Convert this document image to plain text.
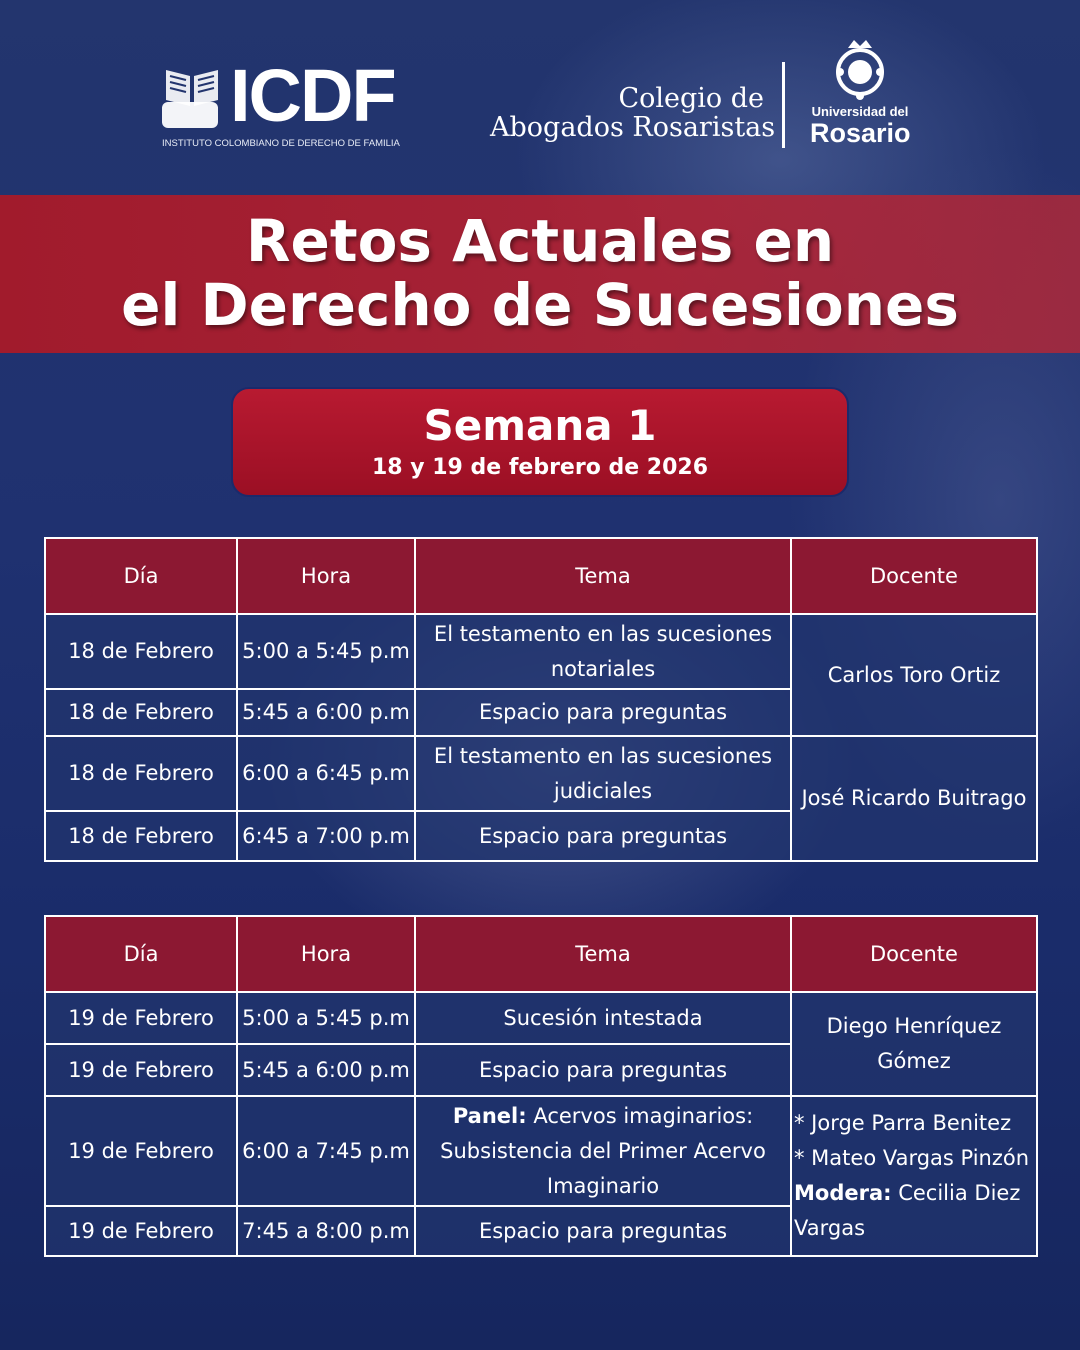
ICDF
INSTITUTO COLOMBIANO DE DERECHO DE FAMILIA
Colegio de
Abogados Rosaristas
Universidad del
Rosario
Retos Actuales en
el Derecho de Sucesiones
Semana 1
18 y 19 de febrero de 2026
Día	Hora	Tema	Docente
18 de Febrero	5:00 a 5:45 p.m	El testamento en las sucesiones notariales	Carlos Toro Ortiz
18 de Febrero	5:45 a 6:00 p.m	Espacio para preguntas	
18 de Febrero	6:00 a 6:45 p.m	El testamento en las sucesiones judiciales	José Ricardo Buitrago
18 de Febrero	6:45 a 7:00 p.m	Espacio para preguntas	
Día	Hora	Tema	Docente
19 de Febrero	5:00 a 5:45 p.m	Sucesión intestada	Diego Henríquez Gómez
19 de Febrero	5:45 a 6:00 p.m	Espacio para preguntas	
19 de Febrero	6:00 a 7:45 p.m	Panel: Acervos imaginarios: Subsistencia del Primer Acervo Imaginario	* Jorge Parra Benitez
* Mateo Vargas Pinzón
Modera: Cecilia Diez Vargas

19 de Febrero	7:45 a 8:00 p.m	Espacio para preguntas	
